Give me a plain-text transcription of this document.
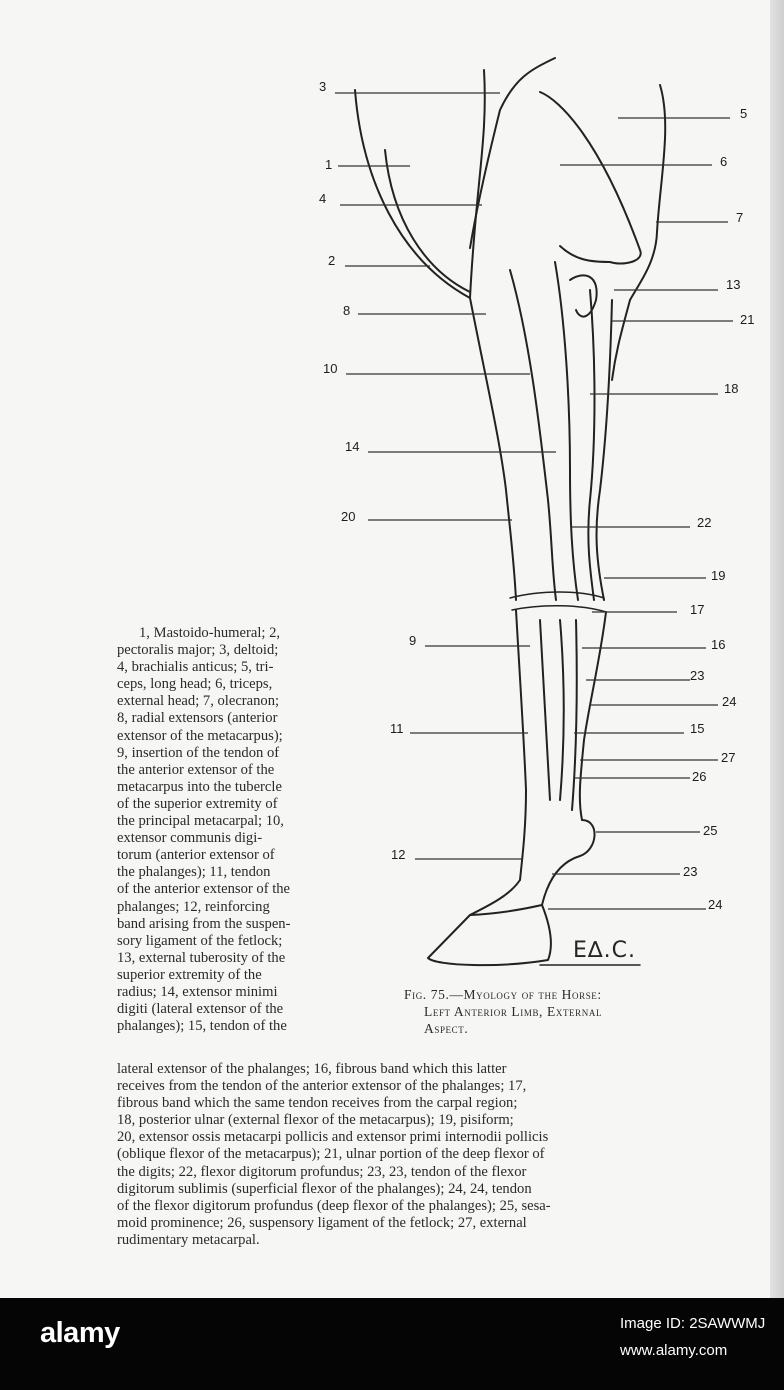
3
1
4
2
8
10
14
20
9
11
12
5
6
7
13
21
18
22
19
17
16
23
24
15
27
26
25
23
24
E∆.C.
Fig. 75.—Myology of the Horse:
Left Anterior Limb, External
Aspect.
1, Mastoido-humeral; 2,
pectoralis major; 3, deltoid;
4, brachialis anticus; 5, tri-
ceps, long head; 6, triceps,
external head; 7, olecranon;
8, radial extensors (anterior
extensor of the metacarpus);
9, insertion of the tendon of
the anterior extensor of the
metacarpus into the tubercle
of the superior extremity of
the principal metacarpal; 10,
extensor communis digi-
torum (anterior extensor of
the phalanges); 11, tendon
of the anterior extensor of the
phalanges; 12, reinforcing
band arising from the suspen-
sory ligament of the fetlock;
13, external tuberosity of the
superior extremity of the
radius; 14, extensor minimi
digiti (lateral extensor of the
phalanges); 15, tendon of the
lateral extensor of the phalanges; 16, fibrous band which this latter
receives from the tendon of the anterior extensor of the phalanges; 17,
fibrous band which the same tendon receives from the carpal region;
18, posterior ulnar (external flexor of the metacarpus); 19, pisiform;
20, extensor ossis metacarpi pollicis and extensor primi internodii pollicis
(oblique flexor of the metacarpus); 21, ulnar portion of the deep flexor of
the digits; 22, flexor digitorum profundus; 23, 23, tendon of the flexor
digitorum sublimis (superficial flexor of the phalanges); 24, 24, tendon
of the flexor digitorum profundus (deep flexor of the phalanges); 25, sesa-
moid prominence; 26, suspensory ligament of the fetlock; 27, external
rudimentary metacarpal.
alamy	Image ID: 2SAWWMJ
www.alamy.com
